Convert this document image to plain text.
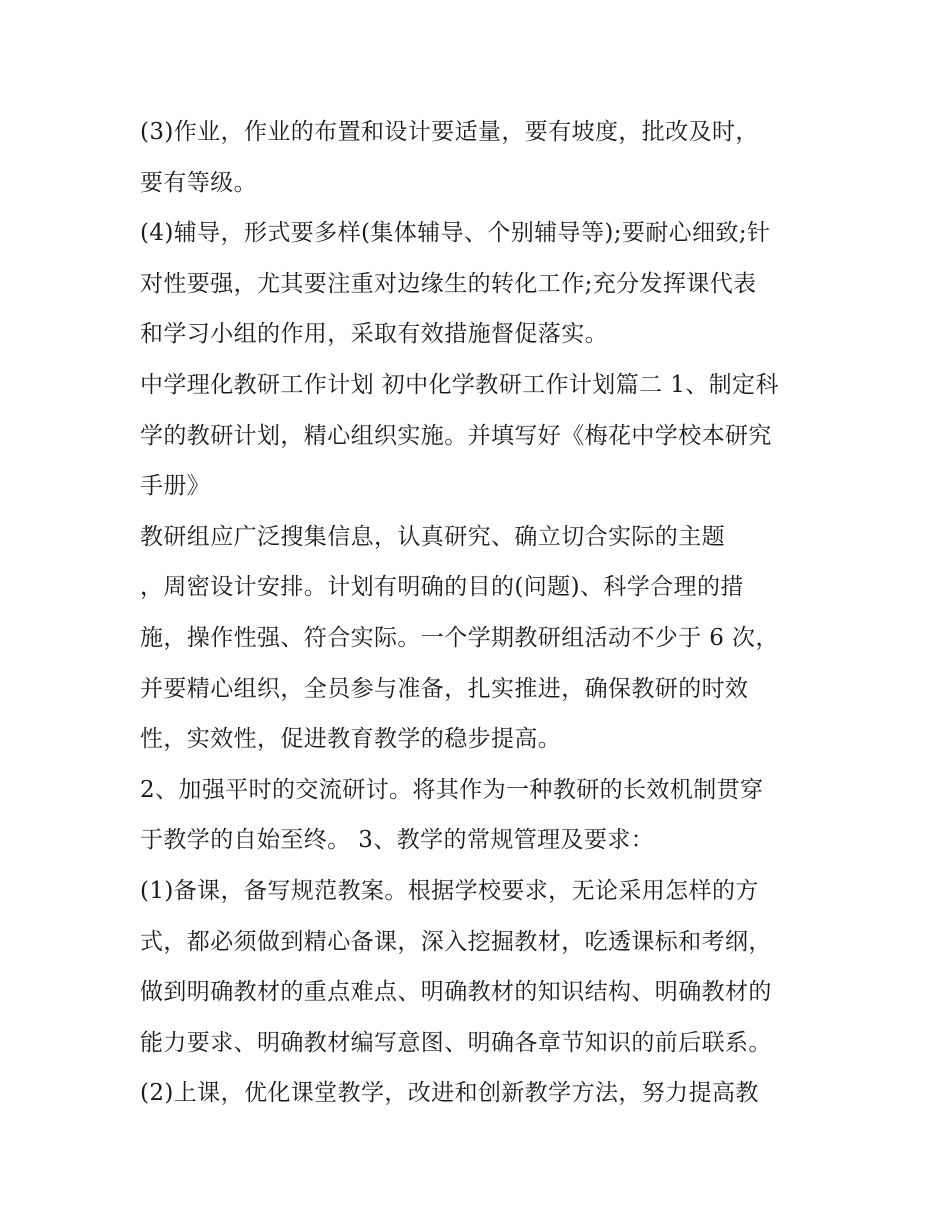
(3)作业，作业的布置和设计要适量，要有坡度，批改及时，
要有等级。
(4)辅导，形式要多样(集体辅导、个别辅导等);要耐心细致;针
对性要强，尤其要注重对边缘生的转化工作;充分发挥课代表
和学习小组的作用，采取有效措施督促落实。
中学理化教研工作计划 初中化学教研工作计划篇二 1、制定科
学的教研计划，精心组织实施。并填写好《梅花中学校本研究
手册》
教研组应广泛搜集信息，认真研究、确立切合实际的主题
，周密设计安排。计划有明确的目的(问题)、科学合理的措
施，操作性强、符合实际。一个学期教研组活动不少于 6 次，
并要精心组织，全员参与准备，扎实推进，确保教研的时效
性，实效性，促进教育教学的稳步提高。
2、加强平时的交流研讨。将其作为一种教研的长效机制贯穿
于教学的自始至终。 3、教学的常规管理及要求：
(1)备课，备写规范教案。根据学校要求，无论采用怎样的方
式，都必须做到精心备课，深入挖掘教材，吃透课标和考纲，
做到明确教材的重点难点、明确教材的知识结构、明确教材的
能力要求、明确教材编写意图、明确各章节知识的前后联系。
(2)上课，优化课堂教学，改进和创新教学方法，努力提高教
